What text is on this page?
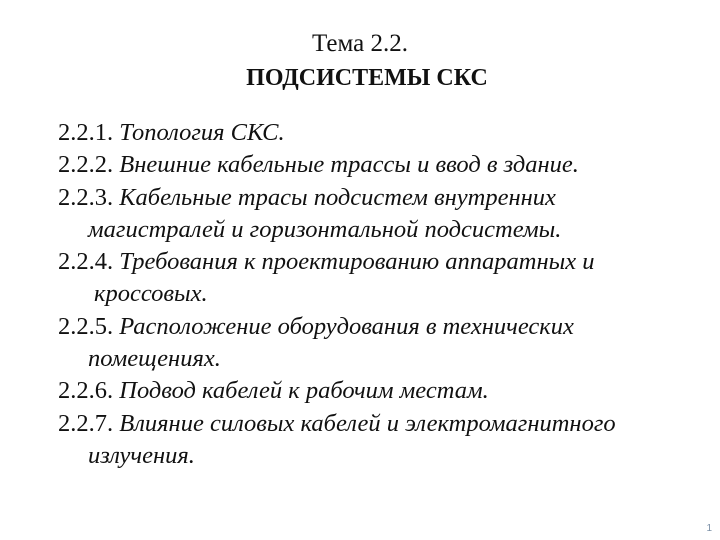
Тема 2.2.
ПОДСИСТЕМЫ СКС
2.2.1. Топология СКС.
2.2.2. Внешние кабельные трассы и ввод в здание.
2.2.3. Кабельные трасы подсистем внутренних
магистралей и горизонтальной подсистемы.
2.2.4. Требования к проектированию аппаратных и
кроссовых.
2.2.5. Расположение оборудования в технических
помещениях.
2.2.6. Подвод кабелей к рабочим местам.
2.2.7. Влияние силовых кабелей и электромагнитного
излучения.
1
